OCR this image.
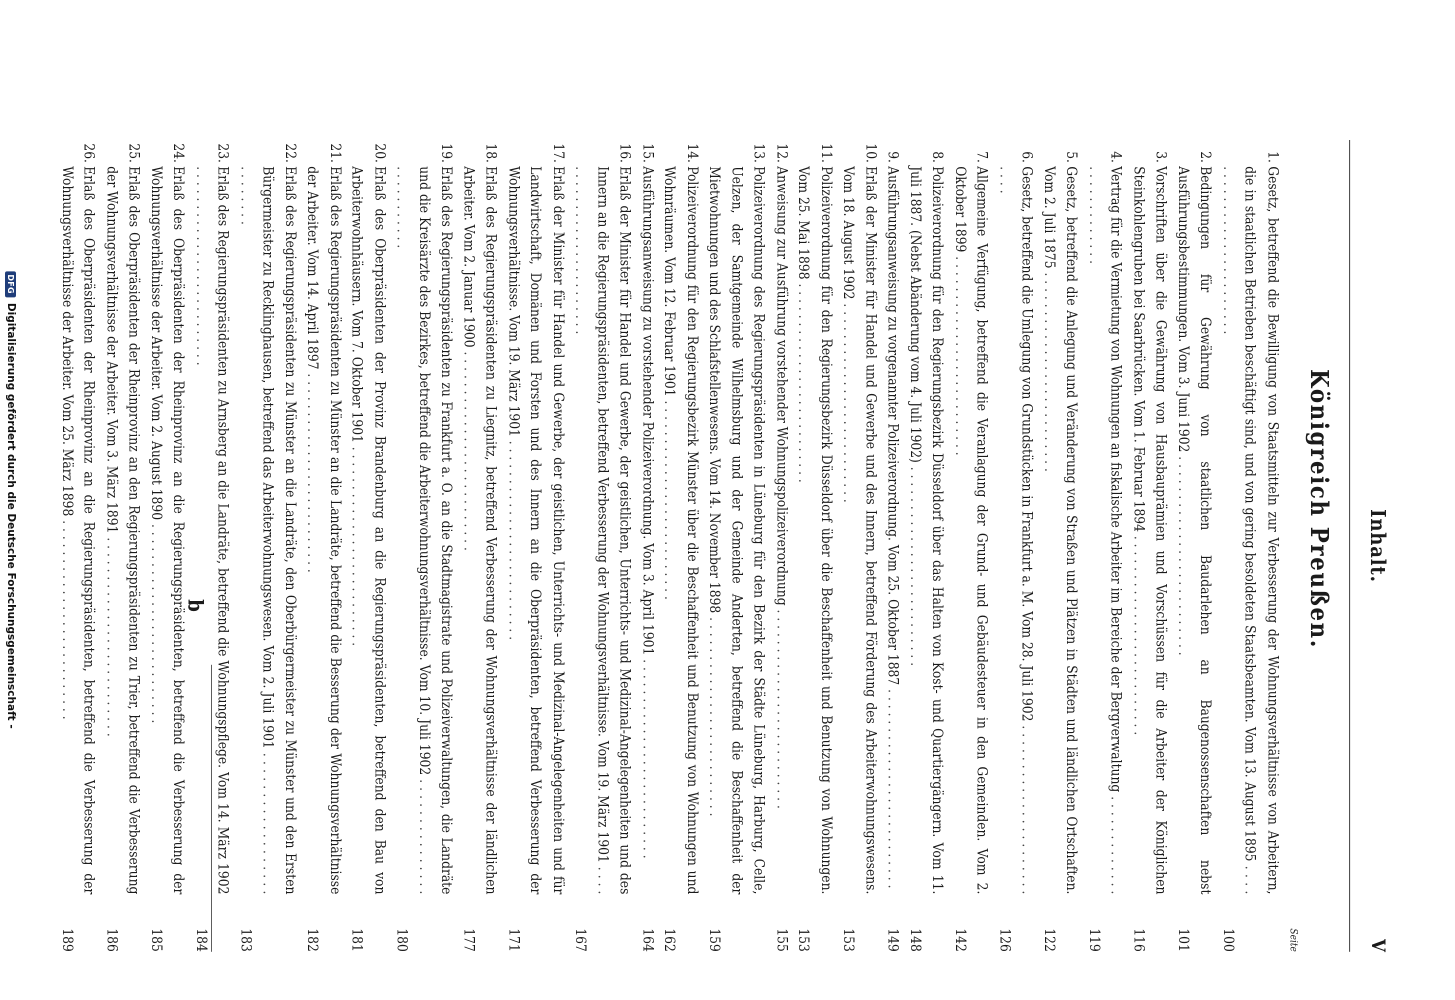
DFG
Digitalisierung gefördert durch die Deutsche Forschungsgemeinschaft -	Inhalt.
V
Königreich Preußen.
Seite
1.
Gesetz, betreffend die Bewilligung von Staatsmitteln zur Verbesserung der Wohnungsverhältnisse von Arbeitern, die in staatlichen Betrieben beschäftigt sind, und von gering besoldeten Staatsbeamten. Vom 13. August 1895 . . .
100
2.
Bedingungen für Gewährung von staatlichen Baudarlehen an Baugenossenschaften nebst Ausführungsbestimmungen. Vom 3. Juni 1902 . . .
101
3.
Vorschriften über die Gewährung von Hausbauprämien und Vorschüssen für die Arbeiter der Königlichen Steinkohlengruben bei Saarbrücken. Vom 1. Februar 1894 . . .
116
4.
Vertrag für die Vermietung von Wohnungen an fiskalische Arbeiter im Bereiche der Bergverwaltung . . .
119
5.
Gesetz, betreffend die Anlegung und Veränderung von Straßen und Plätzen in Städten und ländlichen Ortschaften. Vom 2. Juli 1875 . . .
122
6.
Gesetz, betreffend die Umlegung von Grundstücken in Frankfurt a. M. Vom 28. Juli 1902 . . .
126
7.
Allgemeine Verfügung, betreffend die Veranlagung der Grund- und Gebäudesteuer in den Gemeinden. Vom 2. Oktober 1899 . . .
142
8.
Polizeiverordnung für den Regierungsbezirk Düsseldorf über das Halten von Kost- und Quartiergängern. Vom 11. Juli 1887. (Nebst Abänderung vom 4. Juli 1902) . . .
148
9.
Ausführungsanweisung zu vorgenannter Polizeiverordnung. Vom 25. Oktober 1887 . . .
149
10.
Erlaß der Minister für Handel und Gewerbe und des Innern, betreffend Förderung des Arbeiterwohnungswesens. Vom 18. August 1902 . . .
153
11.
Polizeiverordnung für den Regierungsbezirk Düsseldorf über die Beschaffenheit und Benutzung von Wohnungen. Vom 25. Mai 1898 . . .
153
12.
Anweisung zur Ausführung vorstehender Wohnungspolizeiverordnung . . .
155
13.
Polizeiverordnung des Regierungspräsidenten in Lüneburg für den Bezirk der Städte Lüneburg, Harburg, Celle, Uelzen, der Samtgemeinde Wilhelmsburg und der Gemeinde Anderten, betreffend die Beschaffenheit der Mietwohnungen und des Schlafstellenwesens. Vom 14. November 1898 . . .
159
14.
Polizeiverordnung für den Regierungsbezirk Münster über die Beschaffenheit und Benutzung von Wohnungen und Wohnräumen. Vom 12. Februar 1901 . . .
162
15.
Ausführungsanweisung zu vorstehender Polizeiverordnung. Vom 3. April 1901 . . .
164
16.
Erlaß der Minister für Handel und Gewerbe, der geistlichen, Unterrichts- und Medizinal-Angelegenheiten und des Innern an die Regierungspräsidenten, betreffend Verbesserung der Wohnungsverhältnisse. Vom 19. März 1901 . . .
167
17.
Erlaß der Minister für Handel und Gewerbe, der geistlichen, Unterrichts- und Medizinal-Angelegenheiten und für Landwirtschaft, Domänen und Forsten und des Innern an die Oberpräsidenten, betreffend Verbesserung der Wohnungsverhältnisse. Vom 19. März 1901 . . .
171
18.
Erlaß des Regierungspräsidenten zu Liegnitz, betreffend Verbesserung der Wohnungsverhältnisse der ländlichen Arbeiter. Vom 2. Januar 1900 . . .
177
19.
Erlaß des Regierungspräsidenten zu Frankfurt a. O. an die Stadtmagistrate und Polizeiverwaltungen, die Landräte und die Kreisärzte des Bezirkes, betreffend die Arbeiterwohnungsverhältnisse. Vom 10. Juli 1902 . . .
180
20.
Erlaß des Oberpräsidenten der Provinz Brandenburg an die Regierungspräsidenten, betreffend den Bau von Arbeiterwohnhäusern. Vom 7. Oktober 1901 . . .
181
21.
Erlaß des Regierungspräsidenten zu Münster an die Landräte, betreffend die Besserung der Wohnungsverhältnisse der Arbeiter. Vom 14. April 1897 . . .
182
22.
Erlaß des Regierungspräsidenten zu Münster an die Landräte, den Oberbürgermeister zu Münster und den Ersten Bürgermeister zu Recklinghausen, betreffend das Arbeiterwohnungswesen. Vom 2. Juli 1901 . . .
183
23.
Erlaß des Regierungspräsidenten zu Arnsberg an die Landräte, betreffend die Wohnungspflege. Vom 14. März 1902 . . .
184
24.
Erlaß des Oberpräsidenten der Rheinprovinz an die Regierungspräsidenten, betreffend die Verbesserung der Wohnungsverhältnisse der Arbeiter. Vom 2. August 1890 . . .
185
25.
Erlaß des Oberpräsidenten der Rheinprovinz an den Regierungspräsidenten zu Trier, betreffend die Verbesserung der Wohnungsverhältnisse der Arbeiter. Vom 3. März 1891 . . .
186
26.
Erlaß des Oberpräsidenten der Rheinprovinz an die Regierungspräsidenten, betreffend die Verbesserung der Wohnungsverhältnisse der Arbeiter. Vom 25. März 1898 . . .
189
b
